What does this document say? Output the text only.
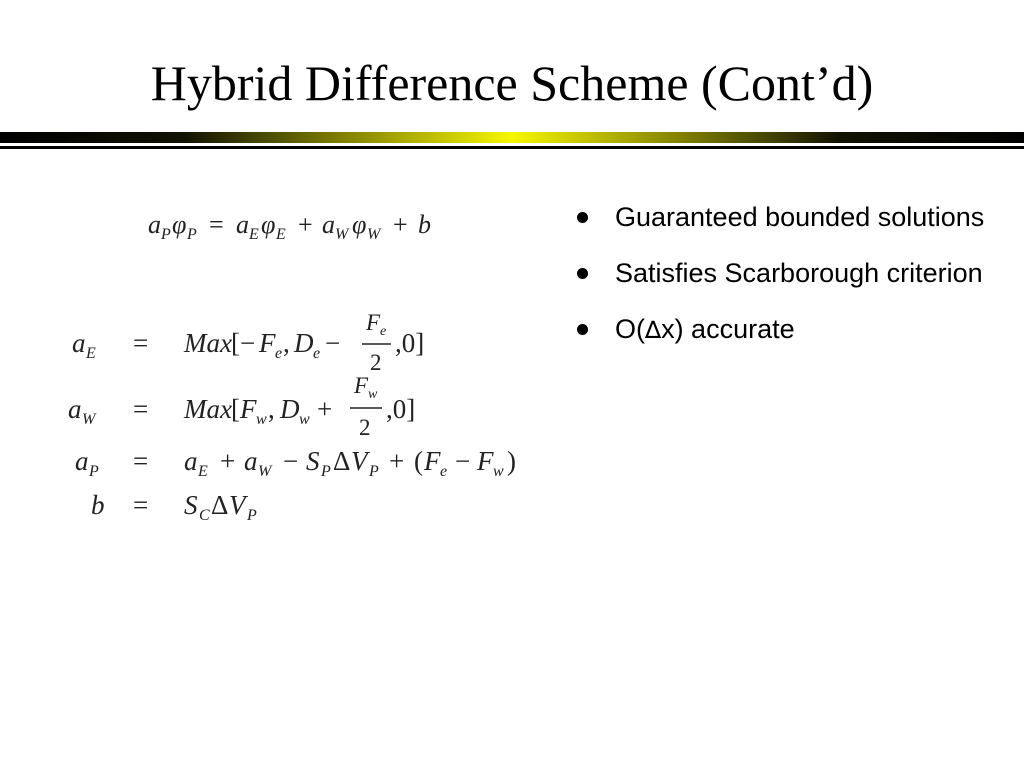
Hybrid Difference Scheme (Cont’d)
a P φ P = a E φ E + a W φ W + b
a E = Max [− F e , D e −
F e
2
,0]
a W = Max [ F w , D w +
F w
2
,0]
a P = a E + a W − S P Δ V P + ( F e − F w )
b = S C Δ V P
Guaranteed bounded solutions
Satisfies Scarborough criterion
O(∆x) accurate
